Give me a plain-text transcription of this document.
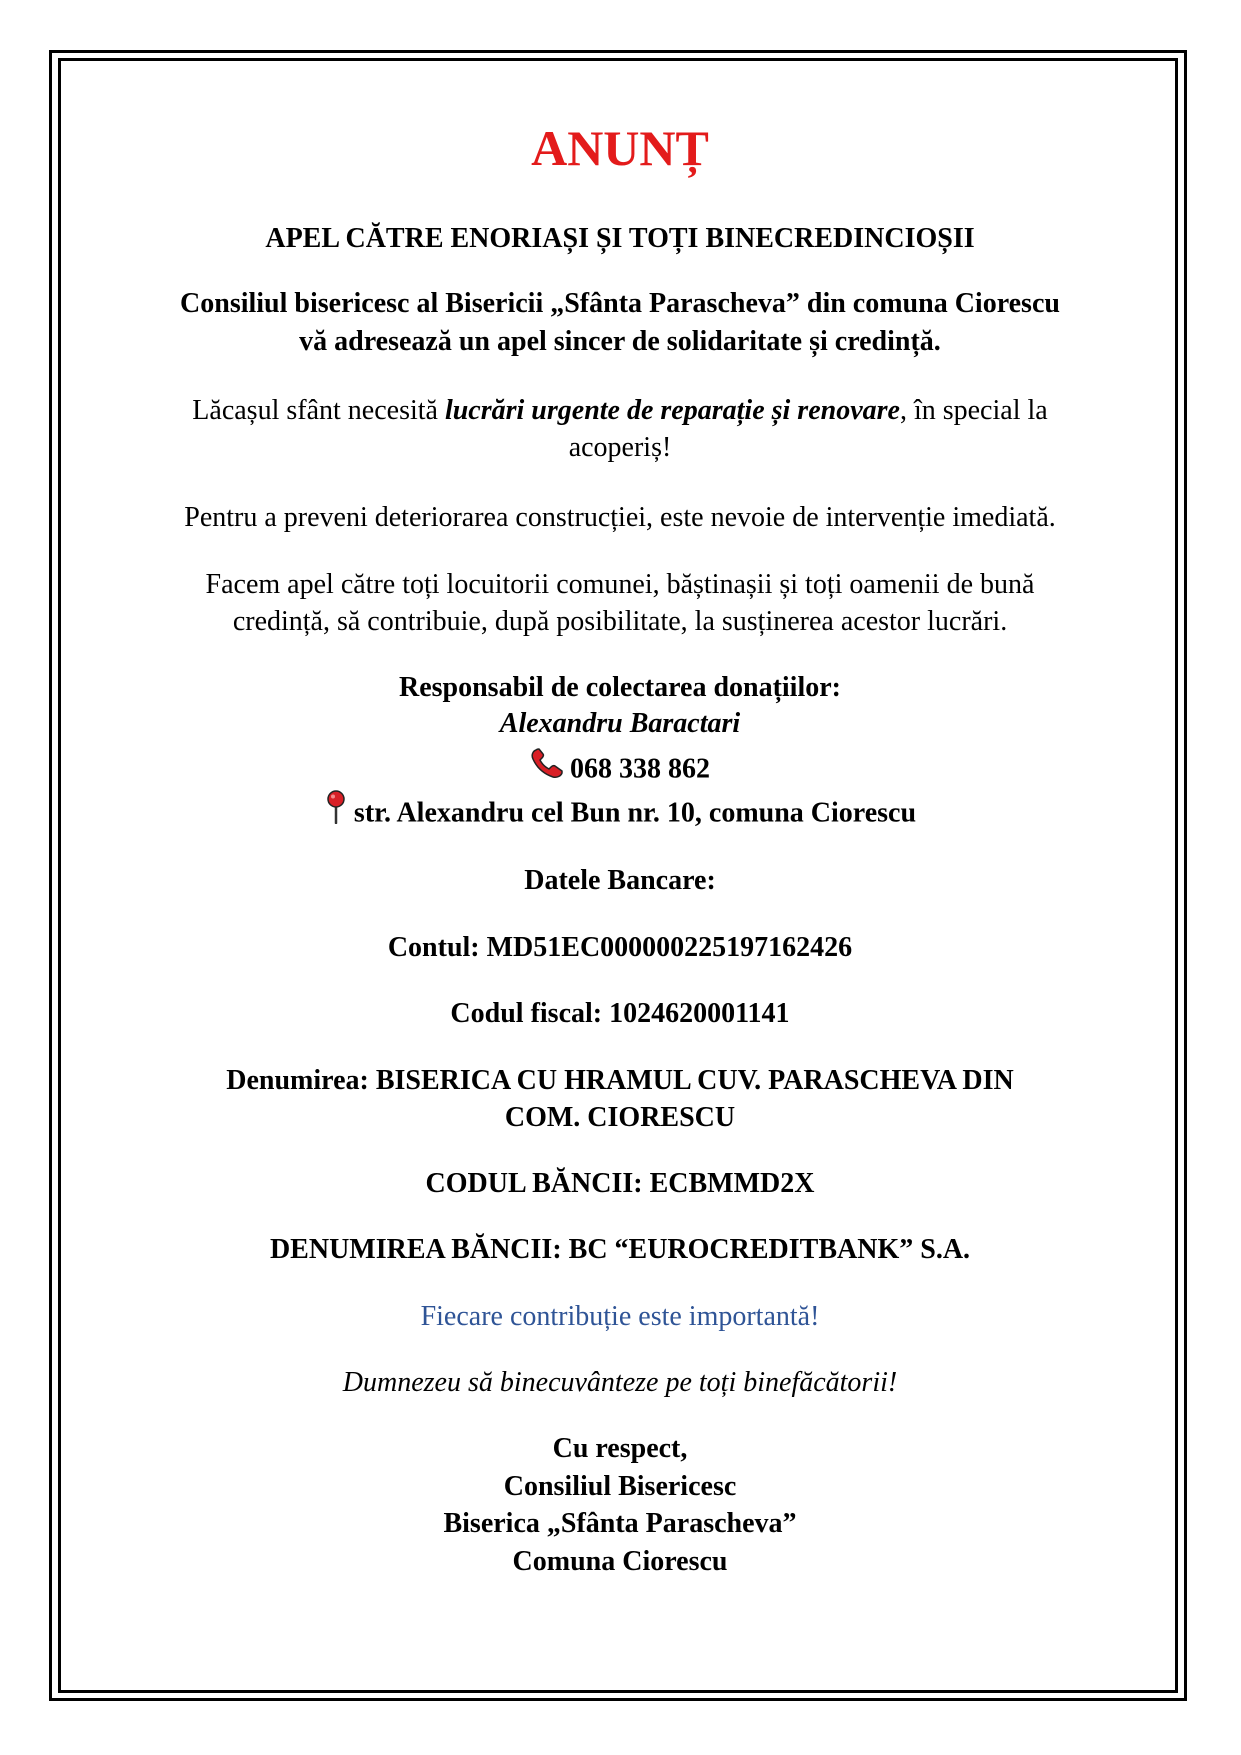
ANUNȚ
APEL CĂTRE ENORIAȘI ȘI TOȚI BINECREDINCIOȘII
Consiliul bisericesc al Bisericii „Sfânta Parascheva” din comuna Ciorescu
vă adresează un apel sincer de solidaritate și credință.
Lăcașul sfânt necesită lucrări urgente de reparație și renovare, în special la
acoperiș!
Pentru a preveni deteriorarea construcției, este nevoie de intervenție imediată.
Facem apel către toți locuitorii comunei, băștinașii și toți oamenii de bună
credință, să contribuie, după posibilitate, la susținerea acestor lucrări.
Responsabil de colectarea donațiilor:
Alexandru Baractari
068 338 862
str. Alexandru cel Bun nr. 10, comuna Ciorescu
Datele Bancare:
Contul: MD51EC000000225197162426
Codul fiscal: 1024620001141
Denumirea: BISERICA CU HRAMUL CUV. PARASCHEVA DIN
COM. CIORESCU
CODUL BĂNCII: ECBMMD2X
DENUMIREA BĂNCII: BC “EUROCREDITBANK” S.A.
Fiecare contribuție este importantă!
Dumnezeu să binecuvânteze pe toți binefăcătorii!
Cu respect,
Consiliul Bisericesc
Biserica „Sfânta Parascheva”
Comuna Ciorescu
